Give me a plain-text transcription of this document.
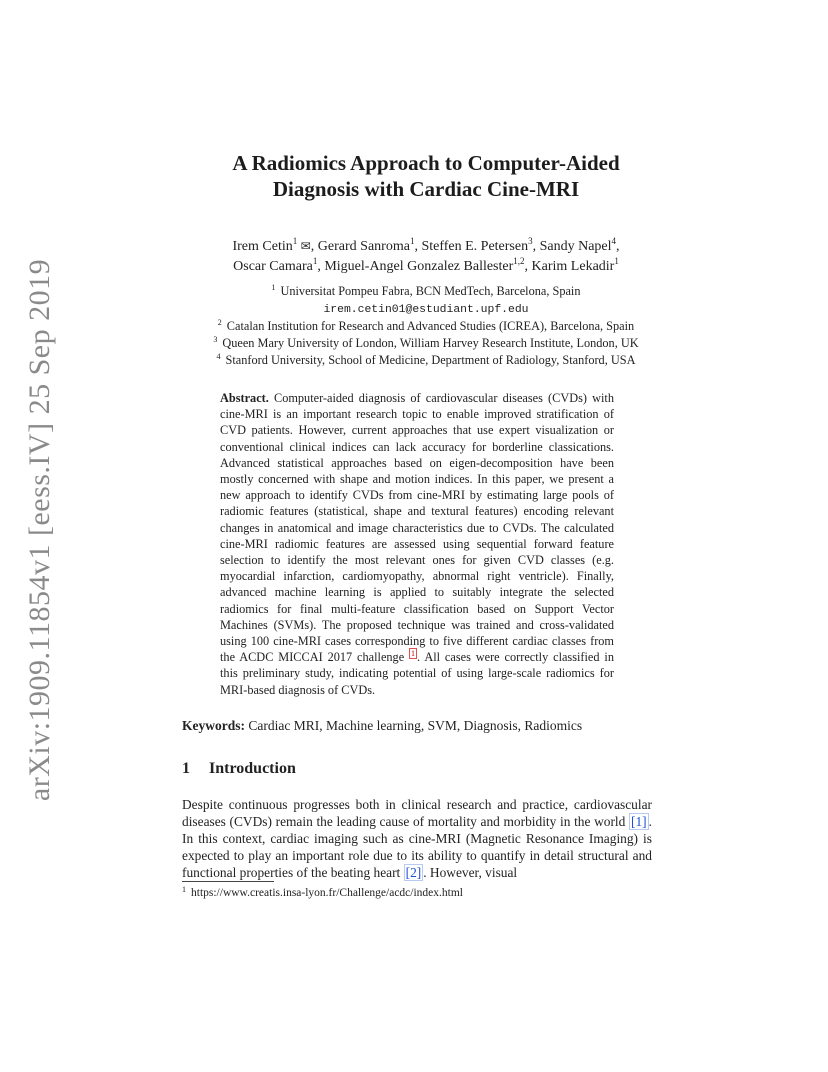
arXiv:1909.11854v1 [eess.IV] 25 Sep 2019
A Radiomics Approach to Computer-Aided
Diagnosis with Cardiac Cine-MRI
Irem Cetin$^1$ ✉, Gerard Sanroma$^1$, Steffen E. Petersen$^3$, Sandy Napel$^4$,
Oscar Camara$^1$, Miguel-Angel Gonzalez Ballester$^{1,2}$, Karim Lekadir$^1$
$^1$ Universitat Pompeu Fabra, BCN MedTech, Barcelona, Spain
irem.cetin01@estudiant.upf.edu
$^2$ Catalan Institution for Research and Advanced Studies (ICREA), Barcelona, Spain
$^3$ Queen Mary University of London, William Harvey Research Institute, London, UK
$^4$ Stanford University, School of Medicine, Department of Radiology, Stanford, USA
Abstract. Computer-aided diagnosis of cardiovascular diseases (CVDs) with cine-MRI is an important research topic to enable improved stratification of CVD patients. However, current approaches that use expert visualization or conventional clinical indices can lack accuracy for borderline classications. Advanced statistical approaches based on eigen-decomposition have been mostly concerned with shape and motion indices. In this paper, we present a new approach to identify CVDs from cine-MRI by estimating large pools of radiomic features (statistical, shape and textural features) encoding relevant changes in anatomical and image characteristics due to CVDs. The calculated cine-MRI radiomic features are assessed using sequential forward feature selection to identify the most relevant ones for given CVD classes (e.g. myocardial infarction, cardiomyopathy, abnormal right ventricle). Finally, advanced machine learning is applied to suitably integrate the selected radiomics for final multi-feature classification based on Support Vector Machines (SVMs). The proposed technique was trained and cross-validated using 100 cine-MRI cases corresponding to five different cardiac classes from the ACDC MICCAI 2017 challenge $^1$ . All cases were correctly classified in this preliminary study, indicating potential of using large-scale radiomics for MRI-based diagnosis of CVDs.
Keywords: Cardiac MRI, Machine learning, SVM, Diagnosis, Radiomics
1 Introduction
Despite continuous progresses both in clinical research and practice, cardiovascular diseases (CVDs) remain the leading cause of mortality and morbidity in the world [1] . In this context, cardiac imaging such as cine-MRI (Magnetic Resonance Imaging) is expected to play an important role due to its ability to quantify in detail structural and functional properties of the beating heart [2] . However, visual
$^1$ https://www.creatis.insa-lyon.fr/Challenge/acdc/index.html
